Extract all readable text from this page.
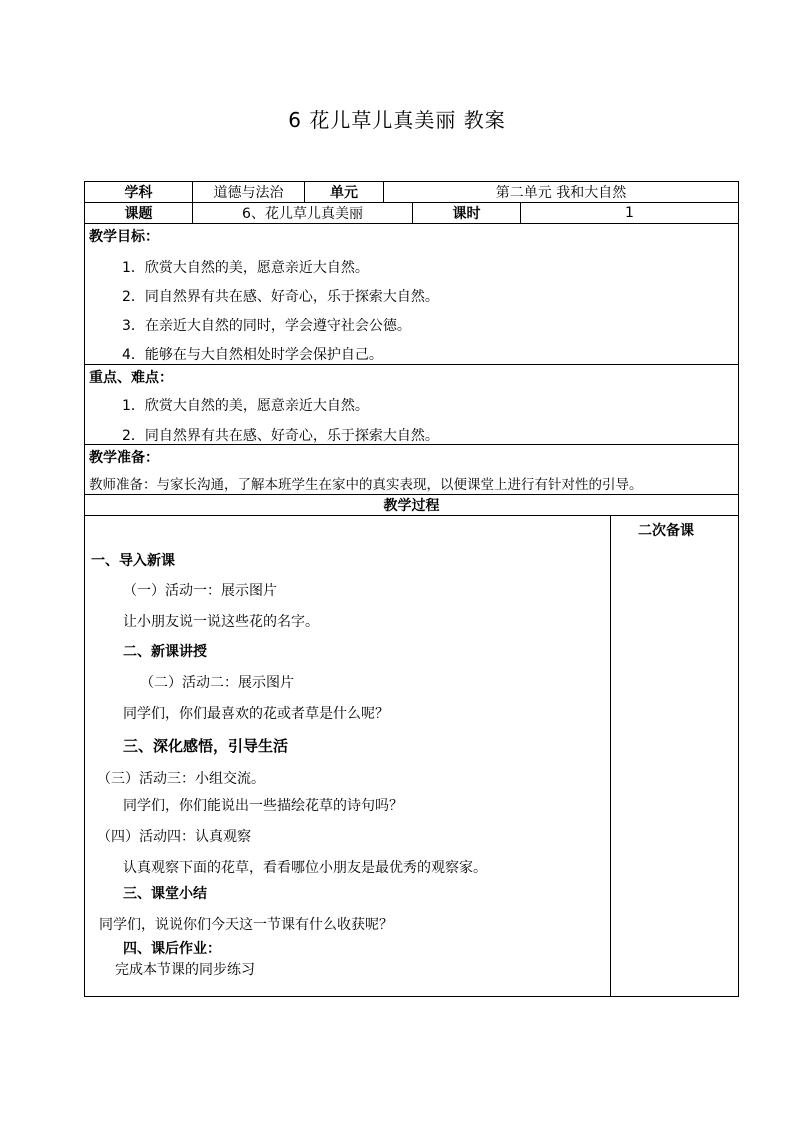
6 花儿草儿真美丽 教案
学科	道德与法治	单元	第二单元 我和大自然
课题	6、花儿草儿真美丽	课时	1
教学目标：
1．欣赏大自然的美，愿意亲近大自然。
2．同自然界有共在感、好奇心，乐于探索大自然。
3．在亲近大自然的同时，学会遵守社会公德。
4．能够在与大自然相处时学会保护自己。
重点、难点：
1．欣赏大自然的美，愿意亲近大自然。
2．同自然界有共在感、好奇心，乐于探索大自然。
教学准备：
教师准备：与家长沟通，了解本班学生在家中的真实表现，以便课堂上进行有针对性的引导。
教学过程
二次备课
一、导入新课
（一）活动一：展示图片
让小朋友说一说这些花的名字。
二、新课讲授
（二）活动二：展示图片
同学们，你们最喜欢的花或者草是什么呢？
三、深化感悟，引导生活
（三）活动三：小组交流。
同学们，你们能说出一些描绘花草的诗句吗？
（四）活动四：认真观察
认真观察下面的花草，看看哪位小朋友是最优秀的观察家。
三、课堂小结
同学们，说说你们今天这一节课有什么收获呢？
四、课后作业：
完成本节课的同步练习
